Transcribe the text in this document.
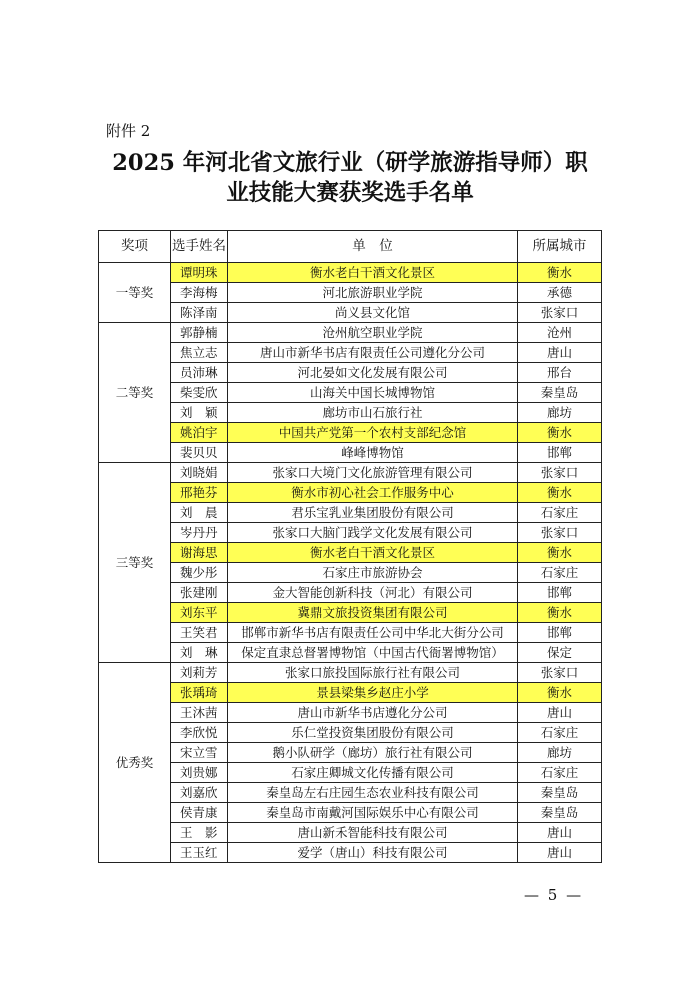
附件 2
2025 年河北省文旅行业（研学旅游指导师）职
业技能大赛获奖选手名单
奖项	选手姓名	单　位	所属城市
一等奖	谭明珠	衡水老白干酒文化景区	衡水
	李海梅	河北旅游职业学院	承德
	陈泽南	尚义县文化馆	张家口
二等奖	郭静楠	沧州航空职业学院	沧州
	焦立志	唐山市新华书店有限责任公司遵化分公司	唐山
	员沛琳	河北晏如文化发展有限公司	邢台
	柴雯欣	山海关中国长城博物馆	秦皇岛
	刘　颖	廊坊市山石旅行社	廊坊
	姚泊宇	中国共产党第一个农村支部纪念馆	衡水
	裴贝贝	峰峰博物馆	邯郸
三等奖	刘晓娟	张家口大境门文化旅游管理有限公司	张家口
	邢艳芬	衡水市初心社会工作服务中心	衡水
	刘　晨	君乐宝乳业集团股份有限公司	石家庄
	岑丹丹	张家口大脑门践学文化发展有限公司	张家口
	谢海思	衡水老白干酒文化景区	衡水
	魏少彤	石家庄市旅游协会	石家庄
	张建刚	金大智能创新科技（河北）有限公司	邯郸
	刘东平	冀鼎文旅投资集团有限公司	衡水
	王笑君	邯郸市新华书店有限责任公司中华北大街分公司	邯郸
	刘　琳	保定直隶总督署博物馆（中国古代衙署博物馆）	保定
优秀奖	刘莉芳	张家口旅投国际旅行社有限公司	张家口
	张瑀琦	景县梁集乡赵庄小学	衡水
	王沐茜	唐山市新华书店遵化分公司	唐山
	李欣悦	乐仁堂投资集团股份有限公司	石家庄
	宋立雪	鹅小队研学（廊坊）旅行社有限公司	廊坊
	刘贵娜	石家庄卿城文化传播有限公司	石家庄
	刘嘉欣	秦皇岛左右庄园生态农业科技有限公司	秦皇岛
	侯青康	秦皇岛市南戴河国际娱乐中心有限公司	秦皇岛
	王　影	唐山新禾智能科技有限公司	唐山
	王玉红	爱学（唐山）科技有限公司	唐山
— 5 —
